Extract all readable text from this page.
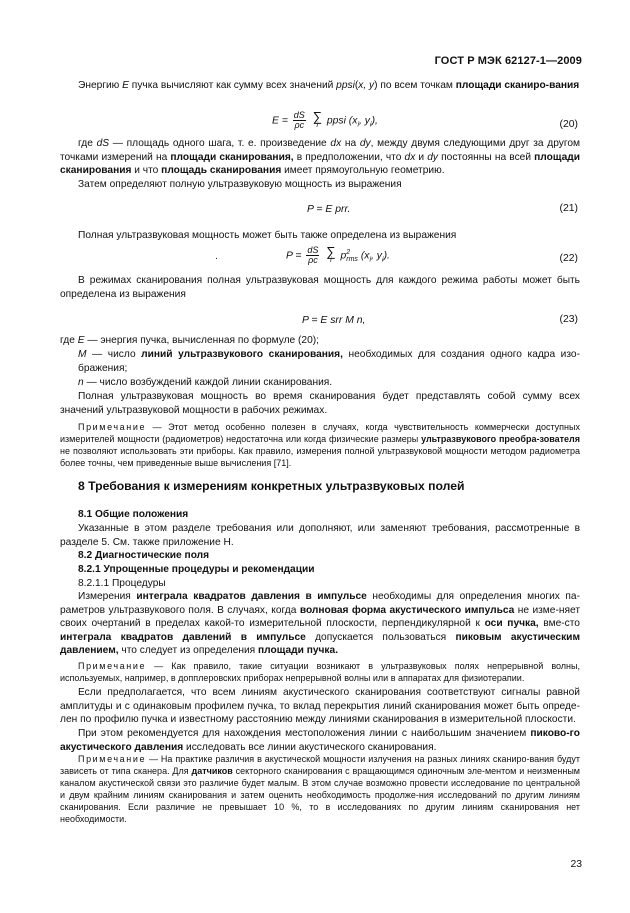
ГОСТ Р МЭК 62127-1—2009
Энергию E пучка вычисляют как сумму всех значений ppsi(x, y) по всем точкам площади сканиро-вания
$E = \frac{dS}{\rho c}$
∑
i ppsi ($x_i$, $y_i$),	(20)
где dS — площадь одного шага, т. е. произведение dx на dy, между двумя следующими друг за другом точками измерений на площади сканирования, в предположении, что dx и dy постоянны на всей площади сканирования и что площадь сканирования имеет прямоугольную геометрию.
Затем определяют полную ультразвуковую мощность из выражения
P = E prr.	(21)
Полная ультразвуковая мощность может быть также определена из выражения
.	$P = \frac{dS}{\rho c}$
∑
i p 2
rms ($x_i$, $y_i$).	(22)
В режимах сканирования полная ультразвуковая мощность для каждого режима работы может быть определена из выражения
P = E srr M n,	(23)
где E — энергия пучка, вычисленная по формуле (20);
M — число линий ультразвукового сканирования, необходимых для создания одного кадра изо-бражения;
n — число возбуждений каждой линии сканирования.
Полная ультразвуковая мощность во время сканирования будет представлять собой сумму всех значений ультразвуковой мощности в рабочих режимах.
Примечание — Этот метод особенно полезен в случаях, когда чувствительность коммерчески доступных измерителей мощности (радиометров) недостаточна или когда физические размеры ультразвукового преобра-зователя не позволяют использовать эти приборы. Как правило, измерения полной ультразвуковой мощности методом радиометра более точны, чем приведенные выше вычисления [71].
8 Требования к измерениям конкретных ультразвуковых полей
8.1 Общие положения
Указанные в этом разделе требования или дополняют, или заменяют требования, рассмотренные в разделе 5. См. также приложение Н.
8.2 Диагностические поля
8.2.1 Упрощенные процедуры и рекомендации
8.2.1.1 Процедуры
Измерения интеграла квадратов давления в импульсе необходимы для определения многих па-раметров ультразвукового поля. В случаях, когда волновая форма акустического импульса не изме-няет своих очертаний в пределах какой-то измерительной плоскости, перпендикулярной к оси пучка, вме-сто интеграла квадратов давлений в импульсе допускается пользоваться пиковым акустическим давлением, что следует из определения площади пучка.
Примечание — Как правило, такие ситуации возникают в ультразвуковых полях непрерывной волны, используемых, например, в допплеровских приборах непрерывной волны или в аппаратах для физиотерапии.
Если предполагается, что всем линиям акустического сканирования соответствуют сигналы равной амплитуды и с одинаковым профилем пучка, то вклад перекрытия линий сканирования может быть опреде-лен по профилю пучка и известному расстоянию между линиями сканирования в измерительной плоскости.
При этом рекомендуется для нахождения местоположения линии с наибольшим значением пиково-го акустического давления исследовать все линии акустического сканирования.
Примечание — На практике различия в акустической мощности излучения на разных линиях сканиро-вания будут зависеть от типа сканера. Для датчиков секторного сканирования с вращающимся одиночным эле-ментом и неизменным каналом акустической связи это различие будет малым. В этом случае возможно провести исследование по центральной и двум крайним линиям сканирования и затем оценить необходимость продолже-ния исследований по другим линиям сканирования. Если различие не превышает 10 %, то в исследованиях по другим линиям сканирования нет необходимости.
23
